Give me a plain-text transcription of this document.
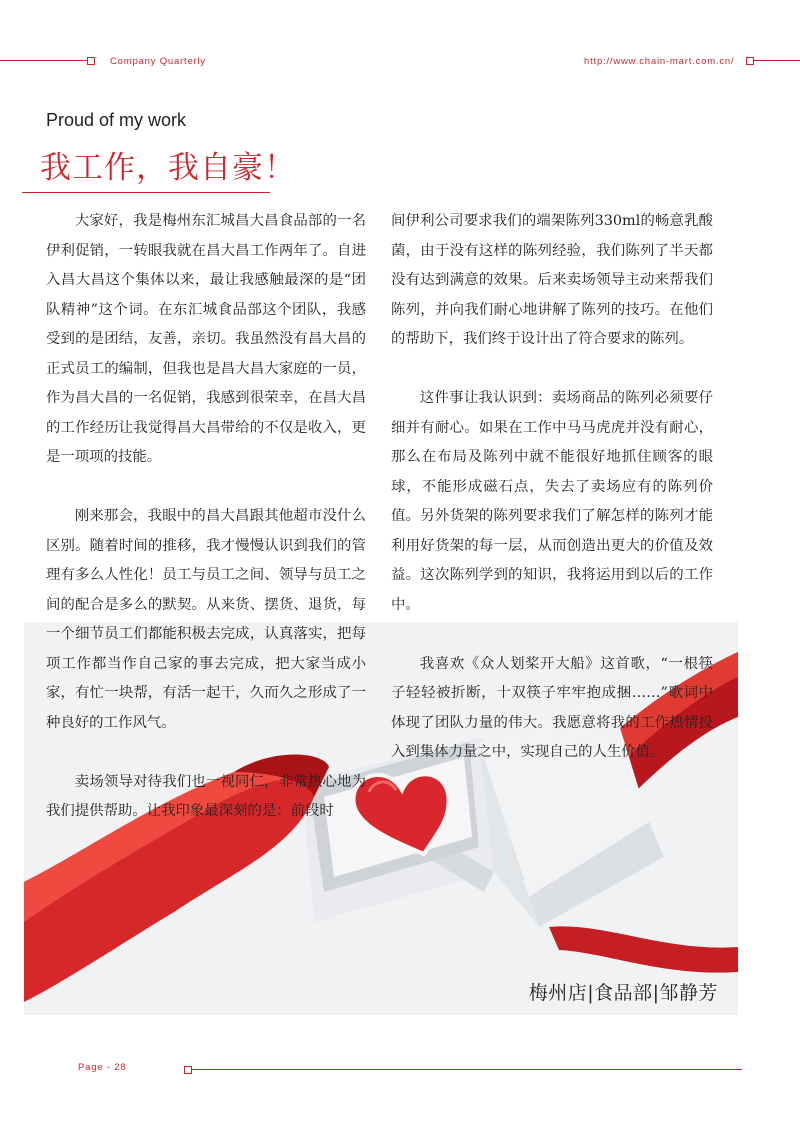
Company Quarterly	http://www.chain-mart.com.cn/
Proud of my work
我工作，我自豪！

大家好，我是梅州东汇城昌大昌食品部的一名伊利促销，一转眼我就在昌大昌工作两年了。自进入昌大昌这个集体以来，最让我感触最深的是“团队精神”这个词。在东汇城食品部这个团队，我感受到的是团结，友善，亲切。我虽然没有昌大昌的正式员工的编制，但我也是昌大昌大家庭的一员，作为昌大昌的一名促销，我感到很荣幸，在昌大昌的工作经历让我觉得昌大昌带给的不仅是收入，更是一项项的技能。

刚来那会，我眼中的昌大昌跟其他超市没什么区别。随着时间的推移，我才慢慢认识到我们的管理有多么人性化！员工与员工之间、领导与员工之间的配合是多么的默契。从来货、摆货、退货，每一个细节员工们都能积极去完成，认真落实，把每项工作都当作自己家的事去完成，把大家当成小家，有忙一块帮，有活一起干，久而久之形成了一种良好的工作风气。

卖场领导对待我们也一视同仁，非常热心地为我们提供帮助。让我印象最深刻的是：前段时

间伊利公司要求我们的端架陈列330ml的畅意乳酸菌，由于没有这样的陈列经验，我们陈列了半天都没有达到满意的效果。后来卖场领导主动来帮我们陈列，并向我们耐心地讲解了陈列的技巧。在他们的帮助下，我们终于设计出了符合要求的陈列。

这件事让我认识到：卖场商品的陈列必须要仔细并有耐心。如果在工作中马马虎虎并没有耐心，那么在布局及陈列中就不能很好地抓住顾客的眼球，不能形成磁石点，失去了卖场应有的陈列价值。另外货架的陈列要求我们了解怎样的陈列才能利用好货架的每一层，从而创造出更大的价值及效益。这次陈列学到的知识，我将运用到以后的工作中。

我喜欢《众人划桨开大船》这首歌，“一根筷子轻轻被折断，十双筷子牢牢抱成捆……”歌词中体现了团队力量的伟大。我愿意将我的工作热情投入到集体力量之中，实现自己的人生价值。

梅州店|食品部|邹静芳
Page - 28
